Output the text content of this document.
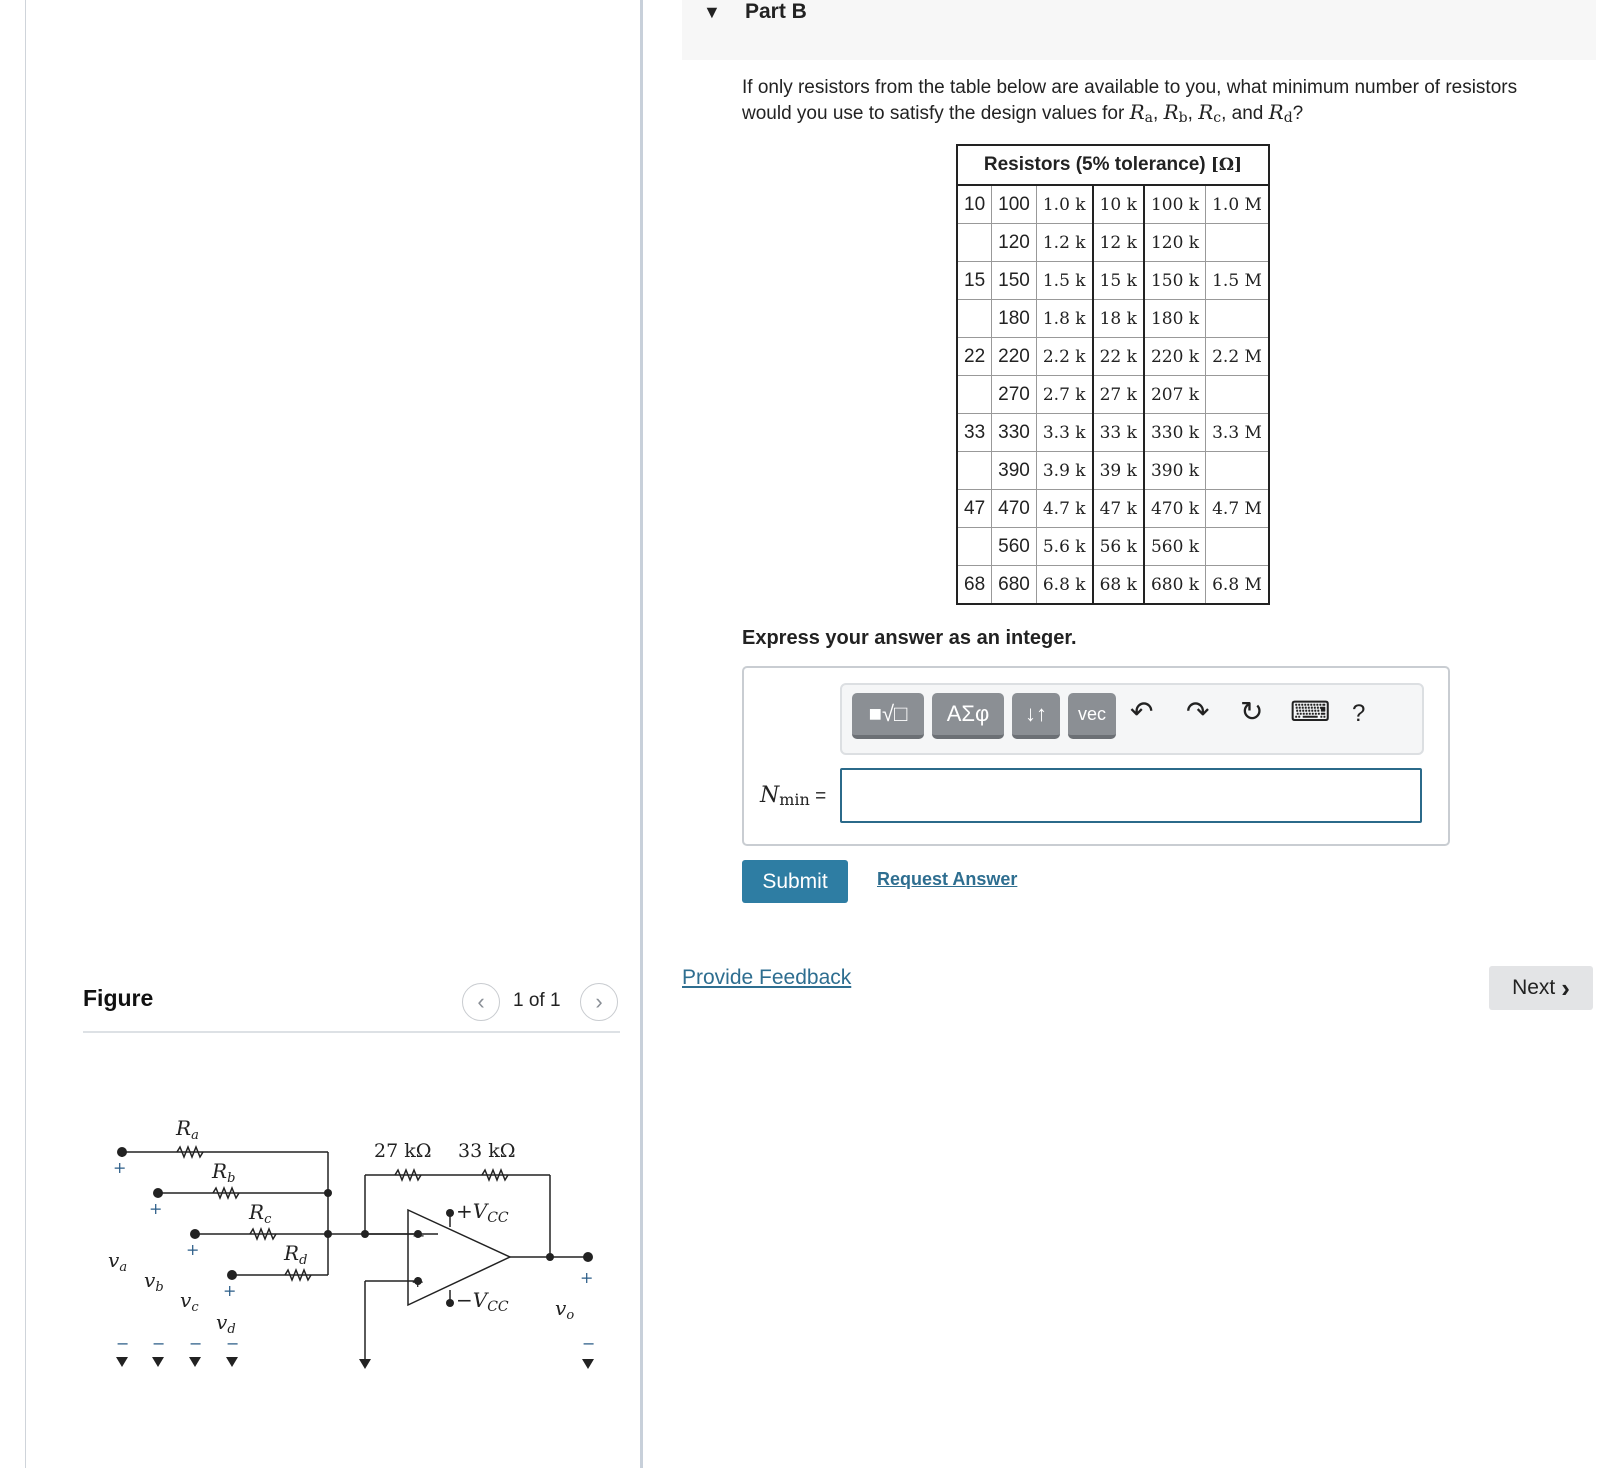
Figure	‹ 1 of 1 ›
$R_a$
$R_b$
$R_c$
$R_d$
$v_a$
$v_b$
$v_c$
$v_d$
$v_o$
$+V_{CC}$
$-V_{CC}$
27 kΩ 33 kΩ
+
+
+
+
+
− − − −	−
−
+
▼ Part B
If only resistors from the table below are available to you, what minimum number of resistors would you use to satisfy the design values for $R_a$, $R_b$, $R_c$, and $R_d$?
Resistors (5% tolerance) [Ω]					
10	100	1.0 k	10 k	100 k	1.0 M
	120	1.2 k	12 k	120 k	
15	150	1.5 k	15 k	150 k	1.5 M
	180	1.8 k	18 k	180 k	
22	220	2.2 k	22 k	220 k	2.2 M
	270	2.7 k	27 k	207 k	
33	330	3.3 k	33 k	330 k	3.3 M
	390	3.9 k	39 k	390 k	
47	470	4.7 k	47 k	470 k	4.7 M
	560	5.6 k	56 k	560 k	
68	680	6.8 k	68 k	680 k	6.8 M
Express your answer as an integer.
■√□	ΑΣφ	↓↑	vec ↶ ↷ ↻ ⌨ ?
Nmin =
Submit	Request Answer
Provide Feedback	Next ›
